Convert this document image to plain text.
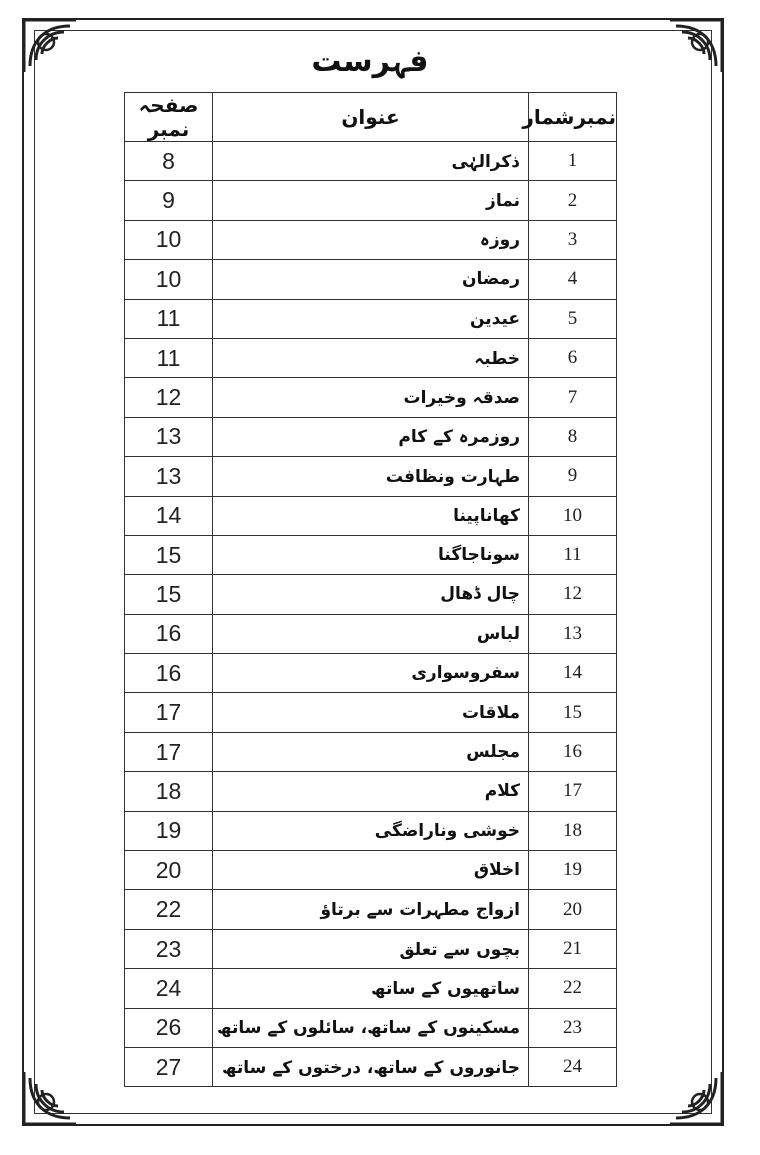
فہرست
نمبرشمار	عنوان	صفحہ نمبر
1	ذکرالہٰی	8
2	نماز	9
3	روزہ	10
4	رمضان	10
5	عیدین	11
6	خطبہ	11
7	صدقہ وخیرات	12
8	روزمرہ کے کام	13
9	طہارت ونظافت	13
10	کھاناپینا	14
11	سوناجاگنا	15
12	چال ڈھال	15
13	لباس	16
14	سفروسواری	16
15	ملاقات	17
16	مجلس	17
17	کلام	18
18	خوشی وناراضگی	19
19	اخلاق	20
20	ازواج مطہرات سے برتاؤ	22
21	بچوں سے تعلق	23
22	ساتھیوں کے ساتھ	24
23	مسکینوں کے ساتھ، سائلوں کے ساتھ	26
24	جانوروں کے ساتھ، درختوں کے ساتھ	27
